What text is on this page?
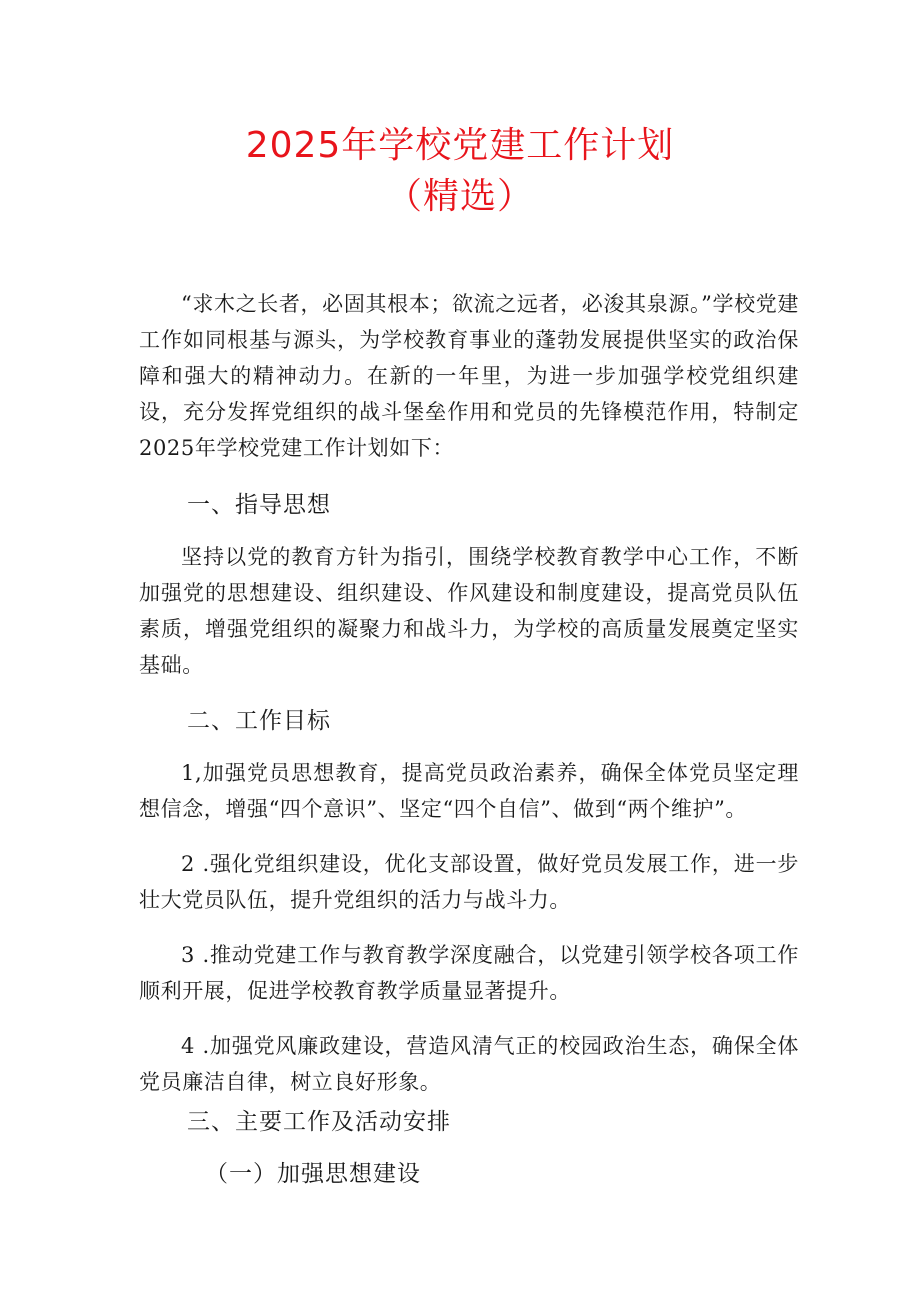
2025年学校党建工作计划
（精选）

“求木之长者，必固其根本；欲流之远者，必浚其泉源。”学校党建工作如同根基与源头，为学校教育事业的蓬勃发展提供坚实的政治保障和强大的精神动力。在新的一年里，为进一步加强学校党组织建设，充分发挥党组织的战斗堡垒作用和党员的先锋模范作用，特制定2025年学校党建工作计划如下：

一、指导思想

坚持以党的教育方针为指引，围绕学校教育教学中心工作，不断加强党的思想建设、组织建设、作风建设和制度建设，提高党员队伍素质，增强党组织的凝聚力和战斗力，为学校的高质量发展奠定坚实基础。

二、工作目标

1,加强党员思想教育，提高党员政治素养，确保全体党员坚定理想信念，增强“四个意识”、坚定“四个自信”、做到“两个维护”。

2 .强化党组织建设，优化支部设置，做好党员发展工作，进一步壮大党员队伍，提升党组织的活力与战斗力。

3 .推动党建工作与教育教学深度融合，以党建引领学校各项工作顺利开展，促进学校教育教学质量显著提升。

4 .加强党风廉政建设，营造风清气正的校园政治生态，确保全体党员廉洁自律，树立良好形象。

三、主要工作及活动安排
（一）加强思想建设
